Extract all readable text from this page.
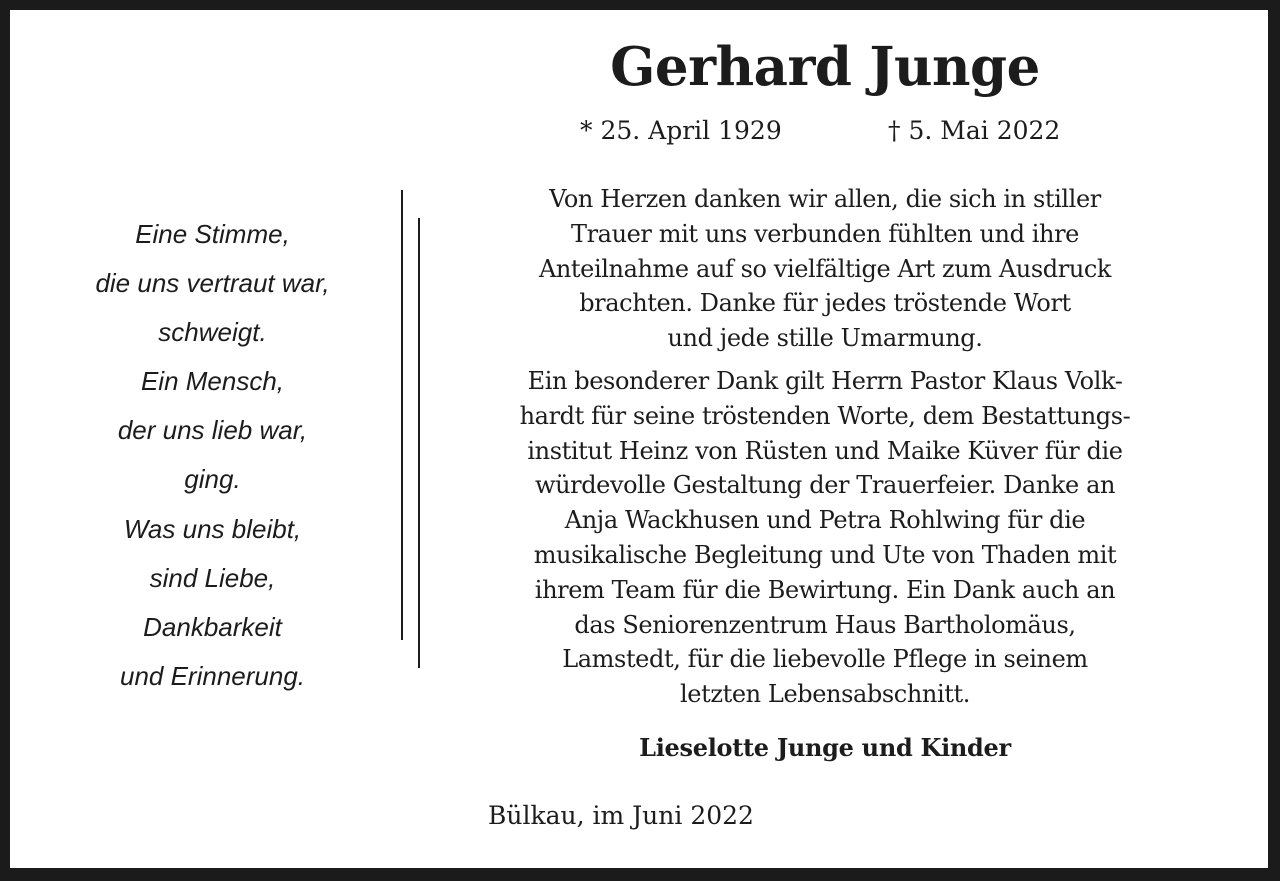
Gerhard Junge
* 25. April 1929	† 5. Mai 2022
Eine Stimme,
die uns vertraut war,
schweigt.
Ein Mensch,
der uns lieb war,
ging.
Was uns bleibt,
sind Liebe,
Dankbarkeit
und Erinnerung.
Von Herzen danken wir allen, die sich in stiller
Trauer mit uns verbunden fühlten und ihre
Anteilnahme auf so vielfältige Art zum Ausdruck
brachten. Danke für jedes tröstende Wort
und jede stille Umarmung.
Ein besonderer Dank gilt Herrn Pastor Klaus Volk-
hardt für seine tröstenden Worte, dem Bestattungs-
institut Heinz von Rüsten und Maike Küver für die
würdevolle Gestaltung der Trauerfeier. Danke an
Anja Wackhusen und Petra Rohlwing für die
musikalische Begleitung und Ute von Thaden mit
ihrem Team für die Bewirtung. Ein Dank auch an
das Seniorenzentrum Haus Bartholomäus,
Lamstedt, für die liebevolle Pflege in seinem
letzten Lebensabschnitt.
Lieselotte Junge und Kinder
Bülkau, im Juni 2022
